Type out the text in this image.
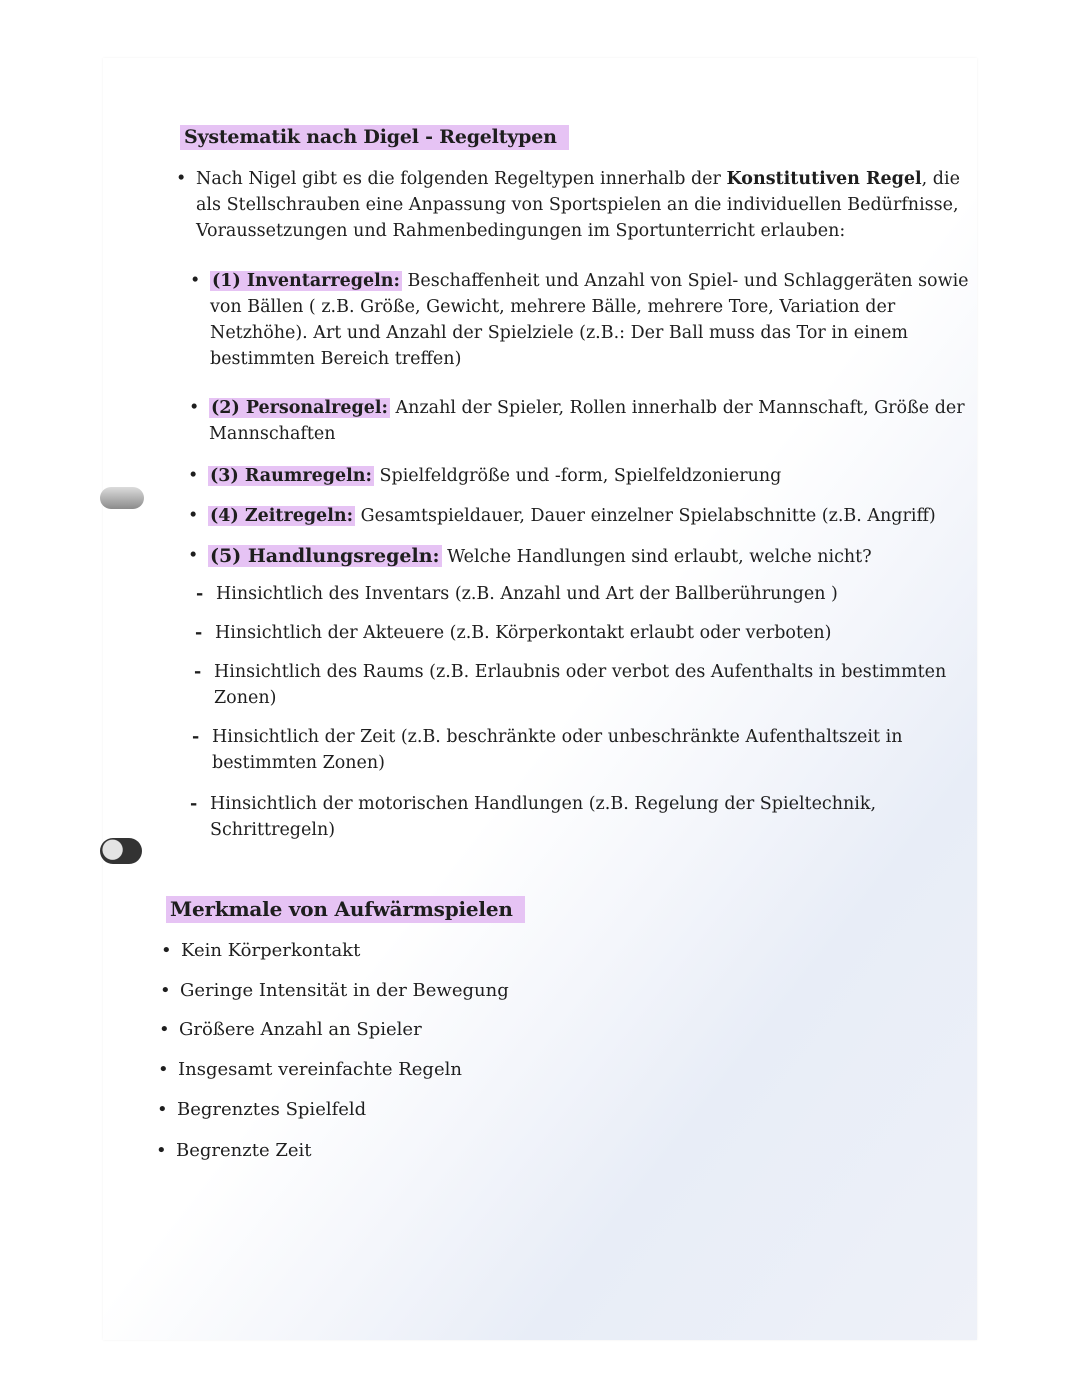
Systematik nach Digel - Regeltypen
• Nach Nigel gibt es die folgenden Regeltypen innerhalb der Konstitutiven Regel, die
als Stellschrauben eine Anpassung von Sportspielen an die individuellen Bedürfnisse,
Voraussetzungen und Rahmenbedingungen im Sportunterricht erlauben:
• (1) Inventarregeln: Beschaffenheit und Anzahl von Spiel- und Schlaggeräten sowie
von Bällen ( z.B. Größe, Gewicht, mehrere Bälle, mehrere Tore, Variation der
Netzhöhe). Art und Anzahl der Spielziele (z.B.: Der Ball muss das Tor in einem
bestimmten Bereich treffen)
• (2) Personalregel: Anzahl der Spieler, Rollen innerhalb der Mannschaft, Größe der
Mannschaften
• (3) Raumregeln: Spielfeldgröße und -form, Spielfeldzonierung
• (4) Zeitregeln: Gesamtspieldauer, Dauer einzelner Spielabschnitte (z.B. Angriff)
• (5) Handlungsregeln: Welche Handlungen sind erlaubt, welche nicht?
- Hinsichtlich des Inventars (z.B. Anzahl und Art der Ballberührungen )
- Hinsichtlich der Akteuere (z.B. Körperkontakt erlaubt oder verboten)
- Hinsichtlich des Raums (z.B. Erlaubnis oder verbot des Aufenthalts in bestimmten
Zonen)
- Hinsichtlich der Zeit (z.B. beschränkte oder unbeschränkte Aufenthaltszeit in
bestimmten Zonen)
- Hinsichtlich der motorischen Handlungen (z.B. Regelung der Spieltechnik,
Schrittregeln)
Merkmale von Aufwärmspielen
• Kein Körperkontakt
• Geringe Intensität in der Bewegung
• Größere Anzahl an Spieler
• Insgesamt vereinfachte Regeln
• Begrenztes Spielfeld
• Begrenzte Zeit
